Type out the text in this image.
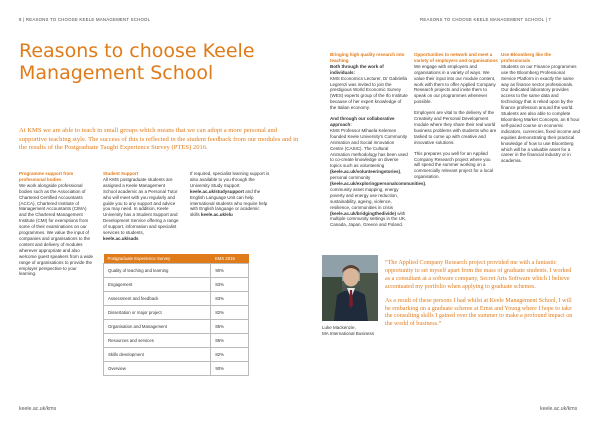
8 | REASONS TO CHOOSE KEELE MANAGEMENT SCHOOL	REASONS TO CHOOSE KEELE MANAGEMENT SCHOOL | 7
Reasons to choose Keele
Management School
At KMS we are able to teach in small groups which means that we can adopt a more personal and supportive teaching style. The success of this is reflected in the student feedback from our modules and in the results of the Postgraduate Taught Experience Survey (PTES) 2016.
Programme support from professional bodies
We work alongside professional bodies such as the Association of Chartered Certified Accountants (ACCA), Chartered Institute of Management Accountants (CIMA) and the Chartered Management Institute (CMI) for exemptions from some of their examinations on our programmes. We value the input of companies and organisations to the content and delivery of modules wherever appropriate and also welcome guest speakers from a wide range of organisations to provide the employer perspective to your learning.
Student Support
All KMS postgraduate students are assigned a Keele Management School academic as a Personal Tutor who will meet with you regularly and guide you to any support and advice you may need. In addition, Keele University has a Student Support and Development Service offering a range of support, information and specialist services to students, keele.ac.uk/sads
If required, specialist learning support is also available to you through the University Study Support keele.ac.uk/studysupport and the English Language Unit can help international students who require help with English language or academic skills keele.ac.uk/elu
Bringing high quality research into teaching
Both through the work of individuals:
KMS Economics Lecturer, Dr Gabriella Legrenzi was invited to join the prestigious World Economic Survey (WES) experts group of the Ifo Institute because of her expert knowledge of the Italian economy.
And through our collaborative approach:
KMS Professor Mihaela Kelemen founded Keele University's Community Animation and Social Innovation Centre (CASIC). The Cultural Animation methodology has been used to co-create knowledge on diverse topics such as volunteering (keele.ac.uk/volunteeringstories), personal community (keele.ac.uk/exploringpersonalcommunities), community asset mapping, energy poverty and energy use reduction, sustainability, ageing, violence, resilience, communities in crisis (keele.ac.uk/bridgingthedivide) with multiple community settings in the UK, Canada, Japan, Greece and Poland.
Opportunities to network and meet a variety of employers and organisations
We engage with employers and organisations in a variety of ways. We value their input into our module content, work with them to offer Applied Company Research projects and invite them to speak on our programmes whenever possible.
Employers are vital to the delivery of the Creativity and Personal Development module where they share their real world business problems with students who are tasked to come up with creative and innovative solutions.
This prepares you well for an Applied Company Research project where you will spend the summer working on a commercially relevant project for a local organisation.
Use Bloomberg like the professionals
Students on our Finance programmes use the Bloomberg Professional Service Platform in exactly the same way as finance sector professionals. Our dedicated laboratory provides access to the same data and technology that is relied upon by the finance profession around the world. Students are also able to complete Bloomberg Market Concepts, an 8 hour self-paced course on economic indicators, currencies, fixed income and equities demonstrating their practical knowledge of how to use Bloomberg which will be a valuable asset for a career in the financial industry or in academia.
Postgraduate Experience Survey	KMS 2016
Quality of teaching and learning	90%
Engagement	83%
Assessment and feedback	83%
Dissertation or major project	82%
Organisation and Management	85%
Resources and services	86%
Skills development	82%
Overview	90%
Luke Mackenzie,
MA International Business

“The Applied Company Research project provided me with a fantastic opportunity to set myself apart from the mass of graduate students. I worked as a consultant at a software company, Secret Arts Software which I believe accentuated my portfolio when applying to graduate schemes.

As a result of these persons I had whilst at Keele Management School, I will be embarking on a graduate scheme at Ernst and Young where I hope to take the consulting skills I gained over the summer to make a profound impact on the world of business.”

keele.ac.uk/kms	keele.ac.uk/kms
